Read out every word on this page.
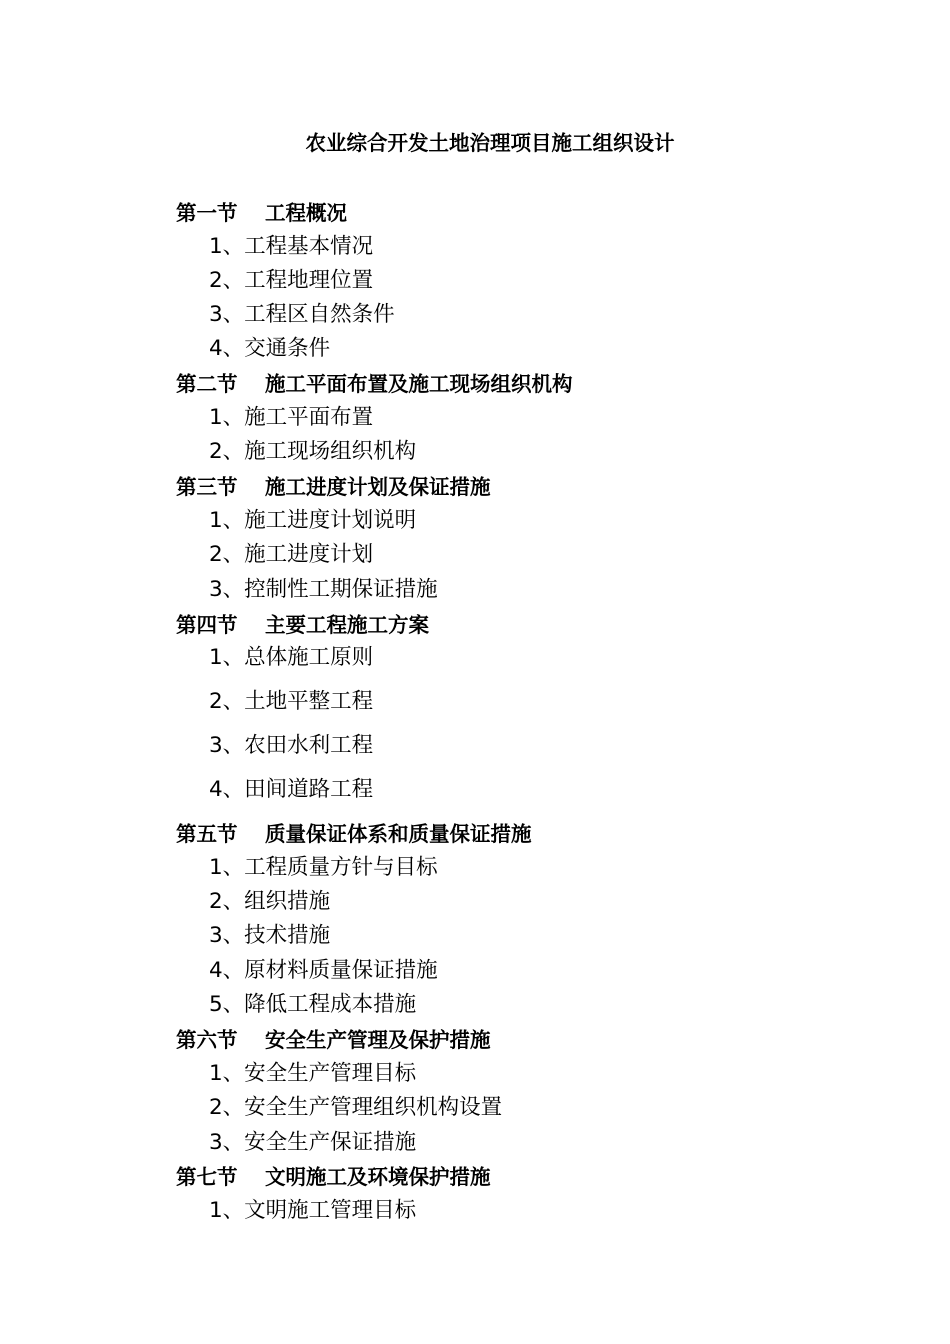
农业综合开发土地治理项目施工组织设计
第一节 工程概况
1、工程基本情况
2、工程地理位置
3、工程区自然条件
4、交通条件
第二节 施工平面布置及施工现场组织机构
1、施工平面布置
2、施工现场组织机构
第三节 施工进度计划及保证措施
1、施工进度计划说明
2、施工进度计划
3、控制性工期保证措施
第四节 主要工程施工方案
1、总体施工原则
2、土地平整工程
3、农田水利工程
4、田间道路工程
第五节 质量保证体系和质量保证措施
1、工程质量方针与目标
2、组织措施
3、技术措施
4、原材料质量保证措施
5、降低工程成本措施
第六节 安全生产管理及保护措施
1、安全生产管理目标
2、安全生产管理组织机构设置
3、安全生产保证措施
第七节 文明施工及环境保护措施
1、文明施工管理目标
